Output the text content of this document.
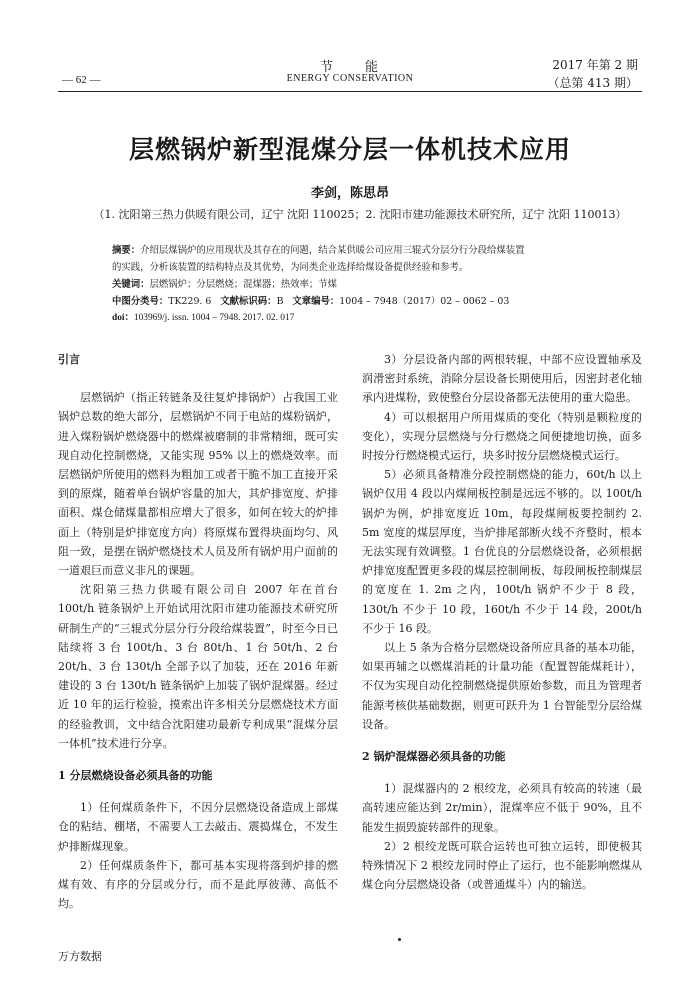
节　　能
ENERGY CONSERVATION
— 62 —
2017 年第 2 期
（总第 413 期）
层燃锅炉新型混煤分层一体机技术应用
李剑，陈思昂
（1. 沈阳第三热力供暖有限公司，辽宁 沈阳 110025；2. 沈阳市建功能源技术研究所，辽宁 沈阳 110013）
摘要：介绍层煤锅炉的应用现状及其存在的问题，结合某供暖公司应用三辊式分层分行分段给煤装置
的实践，分析该装置的结构特点及其优势，为同类企业选择给煤设备提供经验和参考。
关键词：层燃锅炉；分层燃烧；混煤器；热效率；节煤
中图分类号：TK229. 6 文献标识码：B 文章编号：1004 – 7948（2017）02 – 0062 – 03
doi：103969/j. issn. 1004 – 7948. 2017. 02. 017
引言

层燃锅炉（指正转链条及往复炉排锅炉）占我国工业锅炉总数的绝大部分，层燃锅炉不同于电站的煤粉锅炉，进入煤粉锅炉燃烧器中的燃煤被磨制的非常精细，既可实现自动化控制燃烧，又能实现 95% 以上的燃烧效率。而层燃锅炉所使用的燃料为粗加工或者干脆不加工直接开采到的原煤，随着单台锅炉容量的加大，其炉排宽度、炉排面积、煤仓储煤量都相应增大了很多，如何在较大的炉排面上（特别是炉排宽度方向）将原煤布置得块面均匀、风阻一致，是摆在锅炉燃烧技术人员及所有锅炉用户面前的一道艰巨而意义非凡的课题。

沈阳第三热力供暖有限公司自 2007 年在首台 100t/h 链条锅炉上开始试用沈阳市建功能源技术研究所研制生产的“三辊式分层分行分段给煤装置”，时至今日已陆续将 3 台 100t/h、3 台 80t/h、1 台 50t/h、2 台 20t/h、3 台 130t/h 全部予以了加装，还在 2016 年新建设的 3 台 130t/h 链条锅炉上加装了锅炉混煤器。经过近 10 年的运行检验，摸索出许多相关分层燃烧技术方面的经验教训，文中结合沈阳建功最新专利成果“混煤分层一体机”技术进行分享。

1 分层燃烧设备必须具备的功能

1）任何煤质条件下，不因分层燃烧设备造成上部煤仓的粘结、棚堵，不需要人工去敲击、震捣煤仓，不发生炉排断煤现象。

2）任何煤质条件下，都可基本实现将落到炉排的燃煤有效、有序的分层或分行，而不是此厚彼薄、高低不均。

3）分层设备内部的两根转辊，中部不应设置轴承及润滑密封系统，消除分层设备长期使用后，因密封老化轴承内进煤粉，致使整台分层设备都无法使用的重大隐患。

4）可以根据用户所用煤质的变化（特别是颗粒度的变化），实现分层燃烧与分行燃烧之间便捷地切换，面多时按分行燃烧模式运行，块多时按分层燃烧模式运行。

5）必须具备精准分段控制燃烧的能力，60t/h 以上锅炉仅用 4 段以内煤闸板控制是远远不够的。以 100t/h 锅炉为例，炉排宽度近 10m，每段煤闸板要控制约 2. 5m 宽度的煤层厚度，当炉排尾部断火线不齐整时，根本无法实现有效调整。1 台优良的分层燃烧设备，必须根据炉排宽度配置更多段的煤层控制闸板，每段闸板控制煤层的宽度在 1. 2m 之内，100t/h 锅炉不少于 8 段，130t/h 不少于 10 段，160t/h 不少于 14 段，200t/h 不少于 16 段。

以上 5 条为合格分层燃烧设备所应具备的基本功能，如果再辅之以燃煤消耗的计量功能（配置智能煤耗计），不仅为实现自动化控制燃烧提供原始参数，而且为管理者能源考核供基础数据，则更可跃升为 1 台智能型分层给煤设备。

2 锅炉混煤器必须具备的功能

1）混煤器内的 2 根绞龙，必须具有较高的转速（最高转速应能达到 2r/min），混煤率应不低于 90%，且不能发生损毁旋转部件的现象。

2）2 根绞龙既可联合运转也可独立运转，即使极其特殊情况下 2 根绞龙同时停止了运行，也不能影响燃煤从煤仓向分层燃烧设备（或普通煤斗）内的输送。

万方数据
